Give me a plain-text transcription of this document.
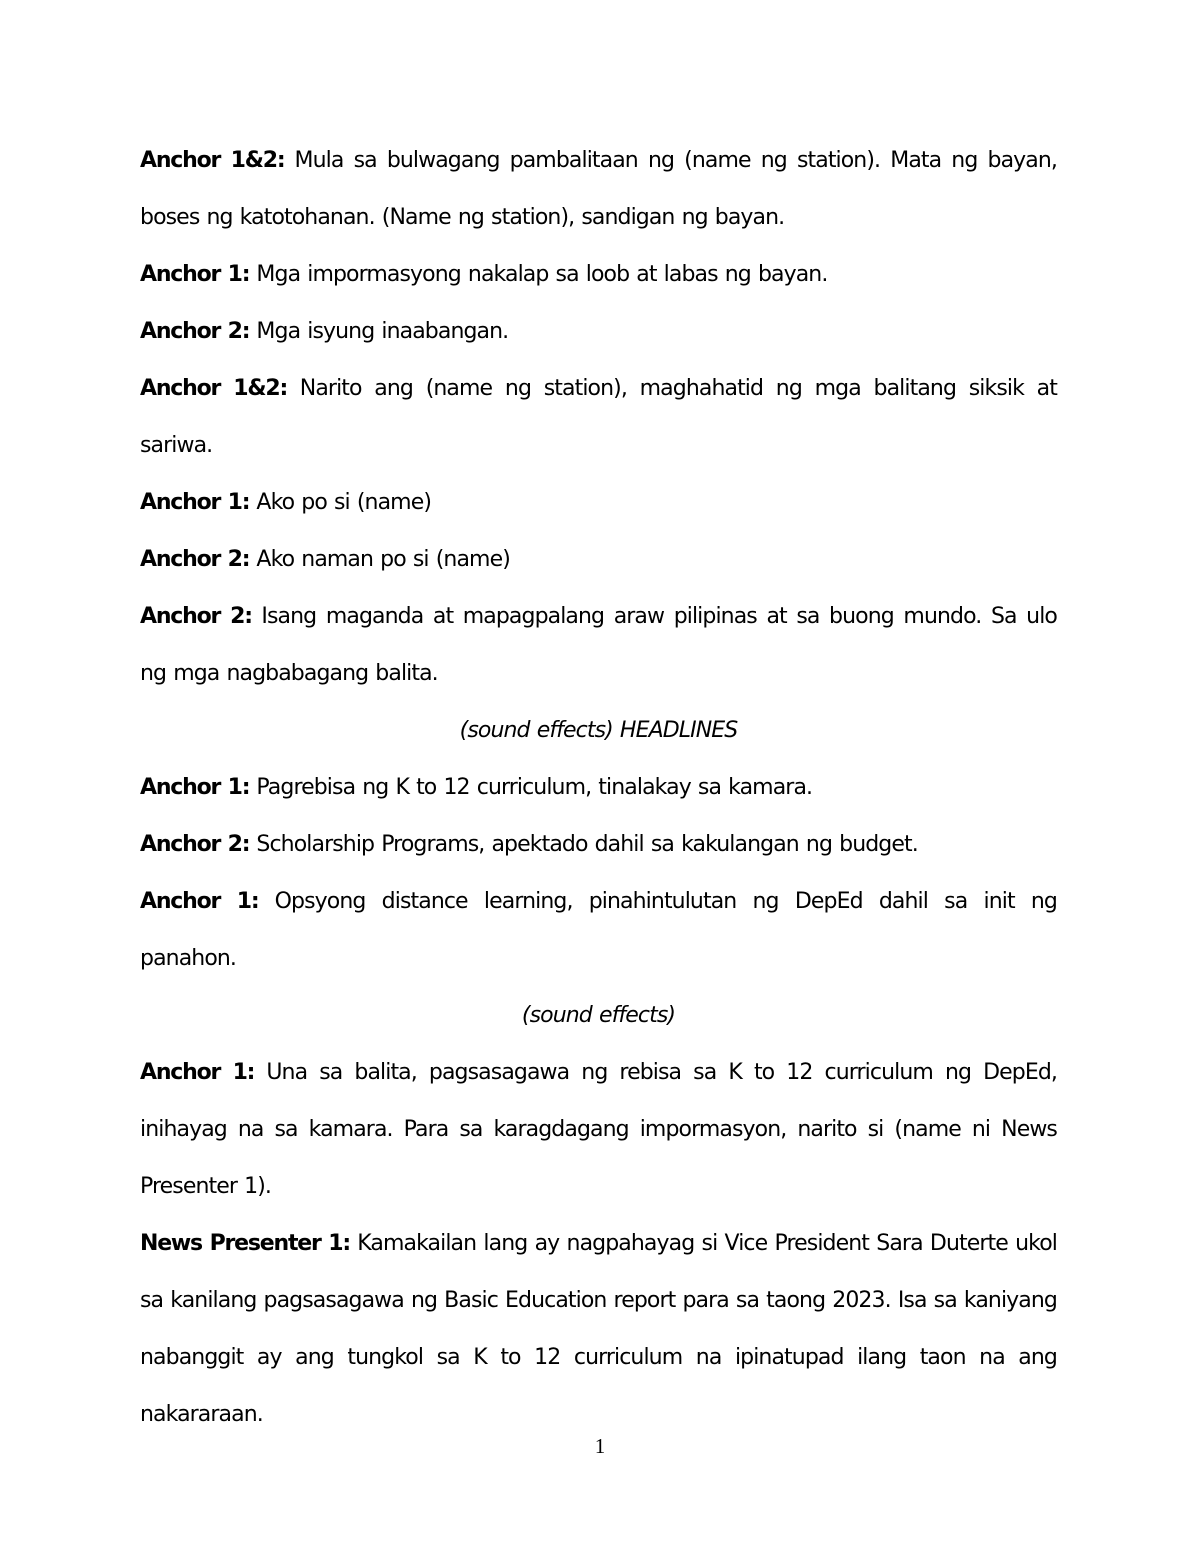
Anchor 1&2: Mula sa bulwagang pambalitaan ng (name ng station). Mata ng bayan, boses ng katotohanan. (Name ng station), sandigan ng bayan.

Anchor 1: Mga impormasyong nakalap sa loob at labas ng bayan.

Anchor 2: Mga isyung inaabangan.

Anchor 1&2: Narito ang (name ng station), maghahatid ng mga balitang siksik at sariwa.

Anchor 1: Ako po si (name)

Anchor 2: Ako naman po si (name)

Anchor 2: Isang maganda at mapagpalang araw pilipinas at sa buong mundo. Sa ulo ng mga nagbabagang balita.

(sound effects) HEADLINES

Anchor 1: Pagrebisa ng K to 12 curriculum, tinalakay sa kamara.

Anchor 2: Scholarship Programs, apektado dahil sa kakulangan ng budget.

Anchor 1: Opsyong distance learning, pinahintulutan ng DepEd dahil sa init ng panahon.

(sound effects)

Anchor 1: Una sa balita, pagsasagawa ng rebisa sa K to 12 curriculum ng DepEd, inihayag na sa kamara. Para sa karagdagang impormasyon, narito si (name ni News Presenter 1).

News Presenter 1: Kamakailan lang ay nagpahayag si Vice President Sara Duterte ukol sa kanilang pagsasagawa ng Basic Education report para sa taong 2023. Isa sa kaniyang nabanggit ay ang tungkol sa K to 12 curriculum na ipinatupad ilang taon na ang nakararaan.

1
